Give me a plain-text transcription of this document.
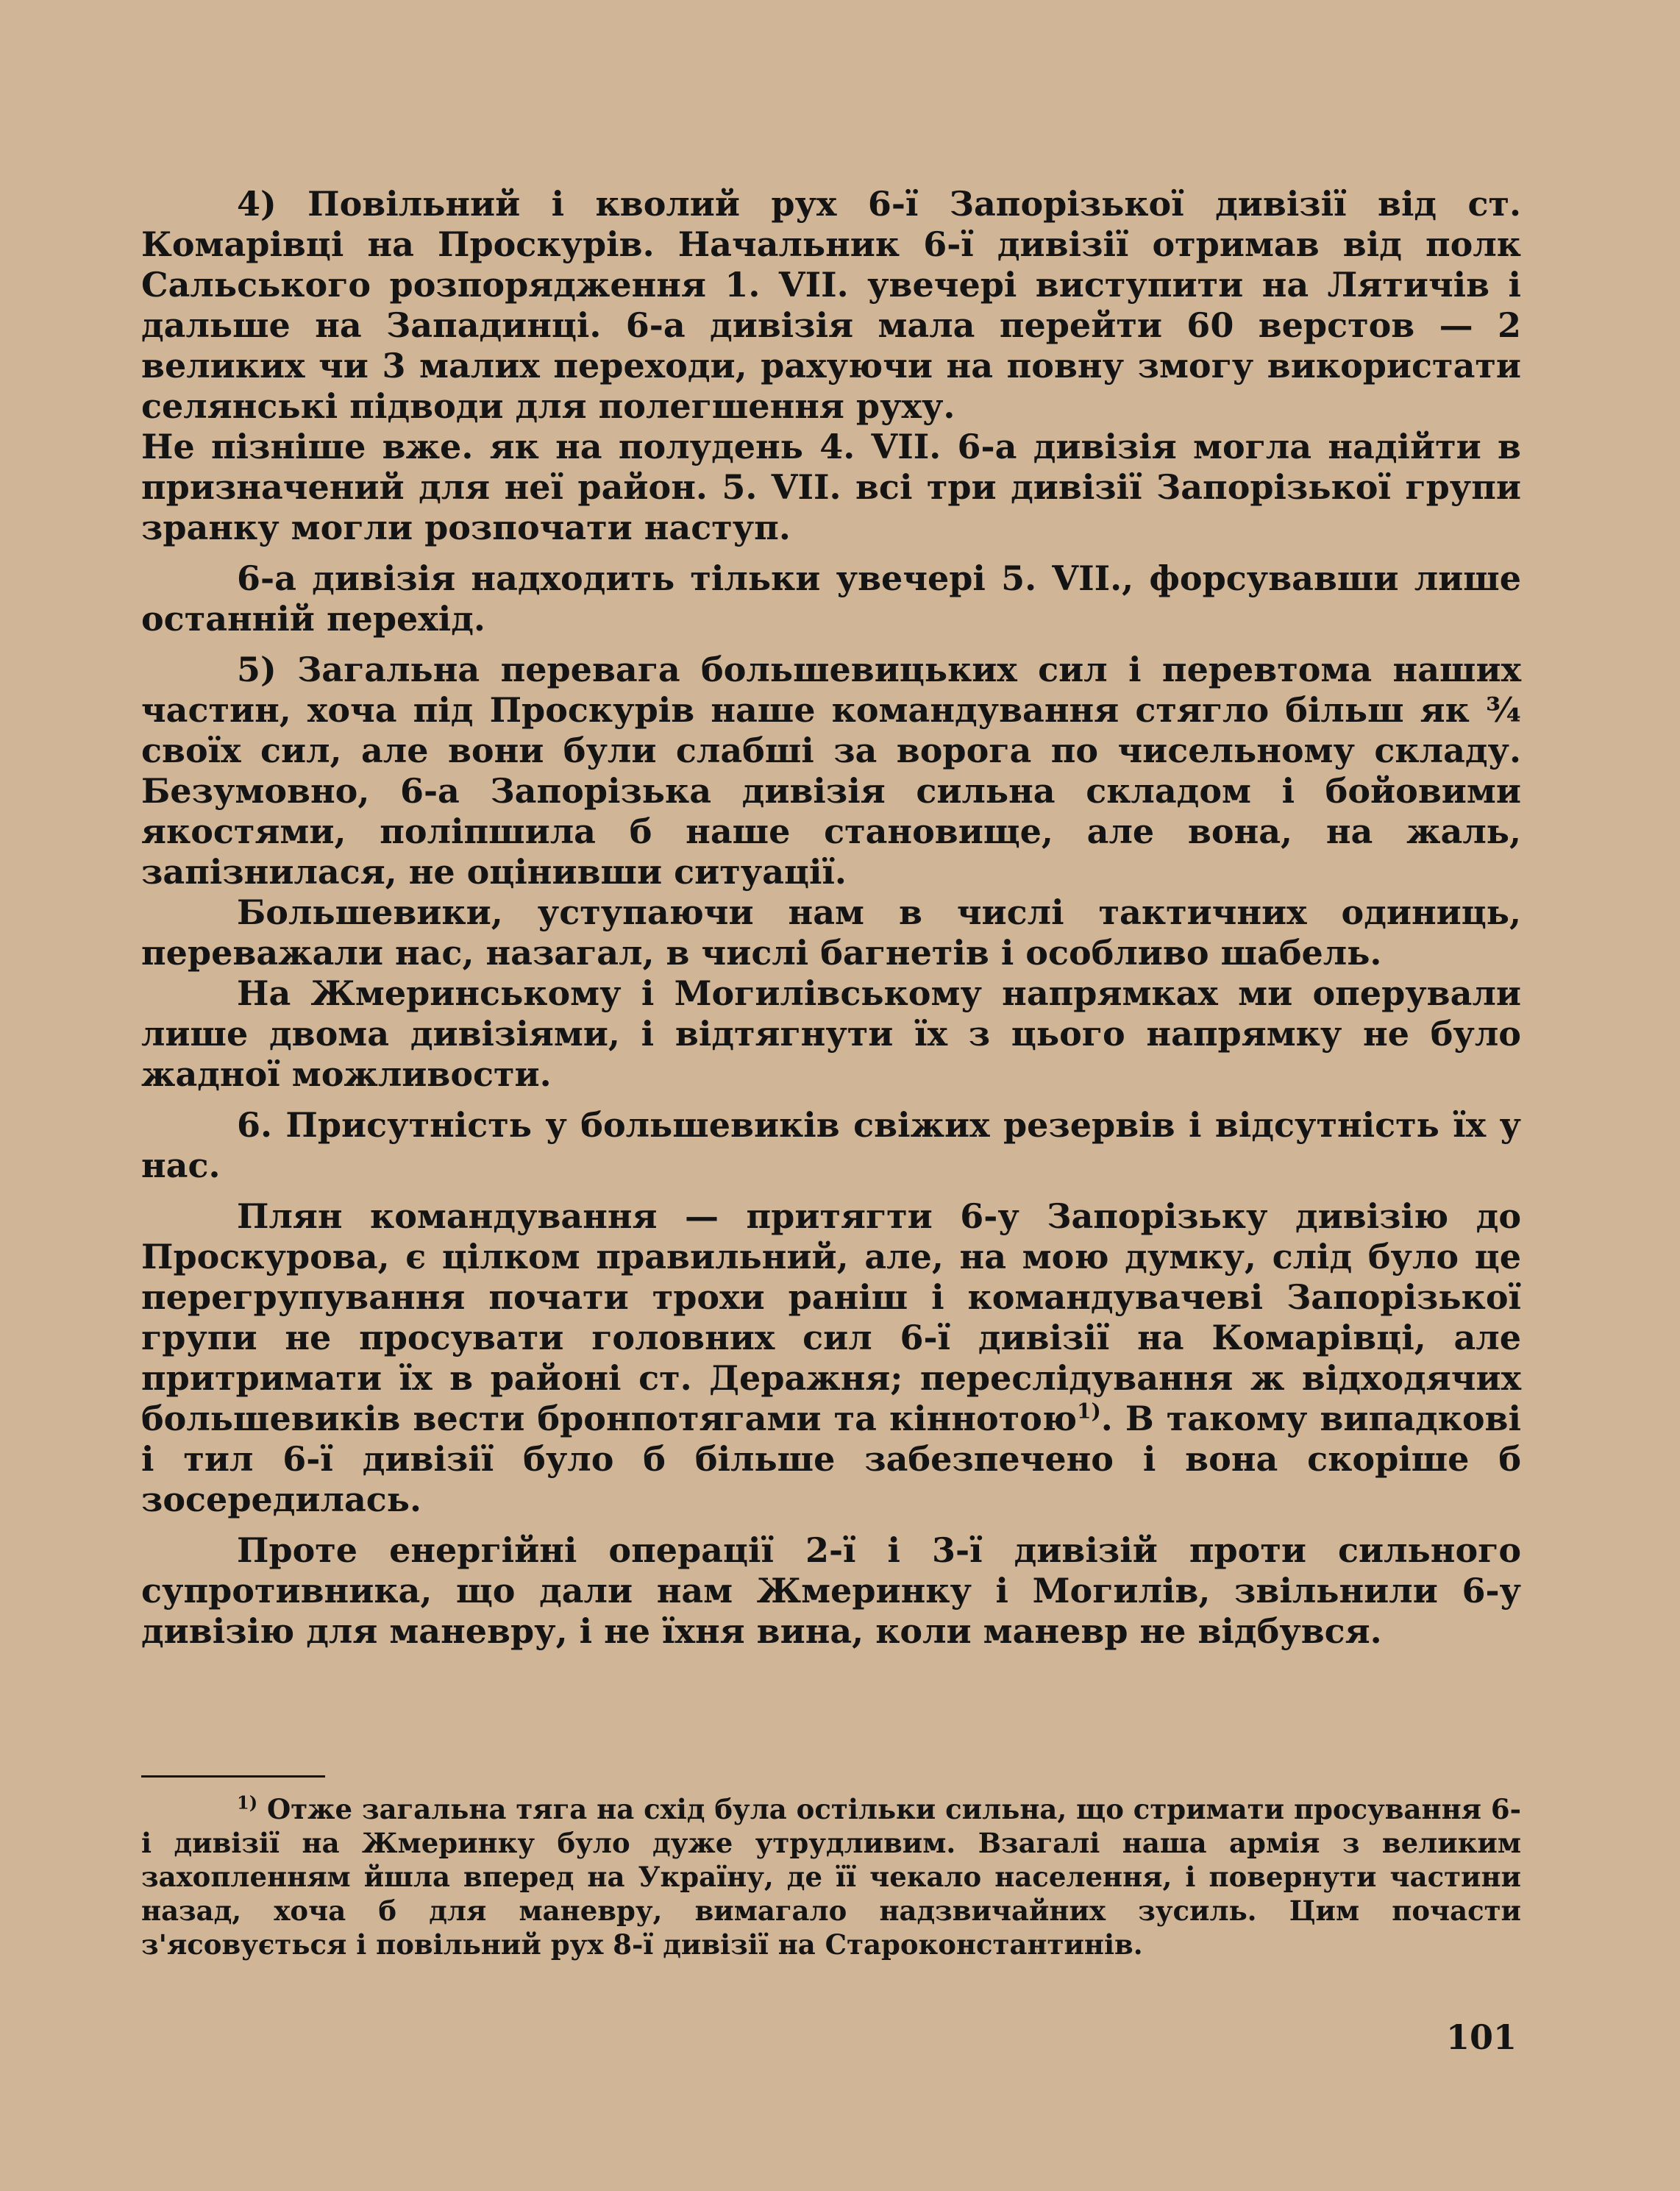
4) Повільний і кволий рух 6-ї Запорізької дивізії від ст. Комарівці на Проскурів. Начальник 6-ї дивізії отримав від полк Сальського розпорядження 1. VII. увечері виступити на Лятичів і дальше на Западинці. 6-а дивізія мала перейти 60 верстов — 2 великих чи 3 малих переходи, рахуючи на повну змогу використати селянські підводи для полегшення руху.

Не пізніше вже. як на полудень 4. VII. 6-а дивізія могла надійти в призначений для неї район. 5. VII. всі три дивізії Запорізької групи зранку могли розпочати наступ.

6-а дивізія надходить тільки увечері 5. VII., форсувавши лише останній перехід.

5) Загальна перевага большевицьких сил і перевтома наших частин, хоча під Проскурів наше командування стягло більш як ¾ своїх сил, але вони були слабші за ворога по чисельному складу. Безумовно, 6-а Запорізька дивізія сильна складом і бойовими якостями, поліпшила б наше становище, але вона, на жаль, запізнилася, не оцінивши ситуації.

Большевики, уступаючи нам в числі тактичних одиниць, переважали нас, назагал, в числі багнетів і особливо шабель.

На Жмеринському і Могилівському напрямках ми оперували лише двома дивізіями, і відтягнути їх з цього напрямку не було жадної можливости.

6. Присутність у большевиків свіжих резервів і відсутність їх у нас.

Плян командування — притягти 6-у Запорізьку дивізію до Проскурова, є цілком правильний, але, на мою думку, слід було це перегрупування почати трохи раніш і командувачеві Запорізької групи не просувати головних сил 6-ї дивізії на Комарівці, але притримати їх в районі ст. Деражня; переслідування ж відходячих большевиків вести бронпотягами та кіннотою$^{1)}$. В такому випадкові і тил 6-ї дивізії було б більше забезпечено і вона скоріше б зосередилась.

Проте енергійні операції 2-ї і 3-ї дивізій проти сильного супротивника, що дали нам Жмеринку і Могилів, звільнили 6-у дивізію для маневру, і не їхня вина, коли маневр не відбувся.

$^{1)}$ Отже загальна тяга на схід була остільки сильна, що стримати просування 6-і дивізії на Жмеринку було дуже утрудливим. Взагалі наша армія з великим захопленням йшла вперед на Україну, де її чекало населення, і повернути частини назад, хоча б для маневру, вимагало надзвичайних зусиль. Цим почасти з'ясовується і повільний рух 8-ї дивізії на Староконстантинів.

101
